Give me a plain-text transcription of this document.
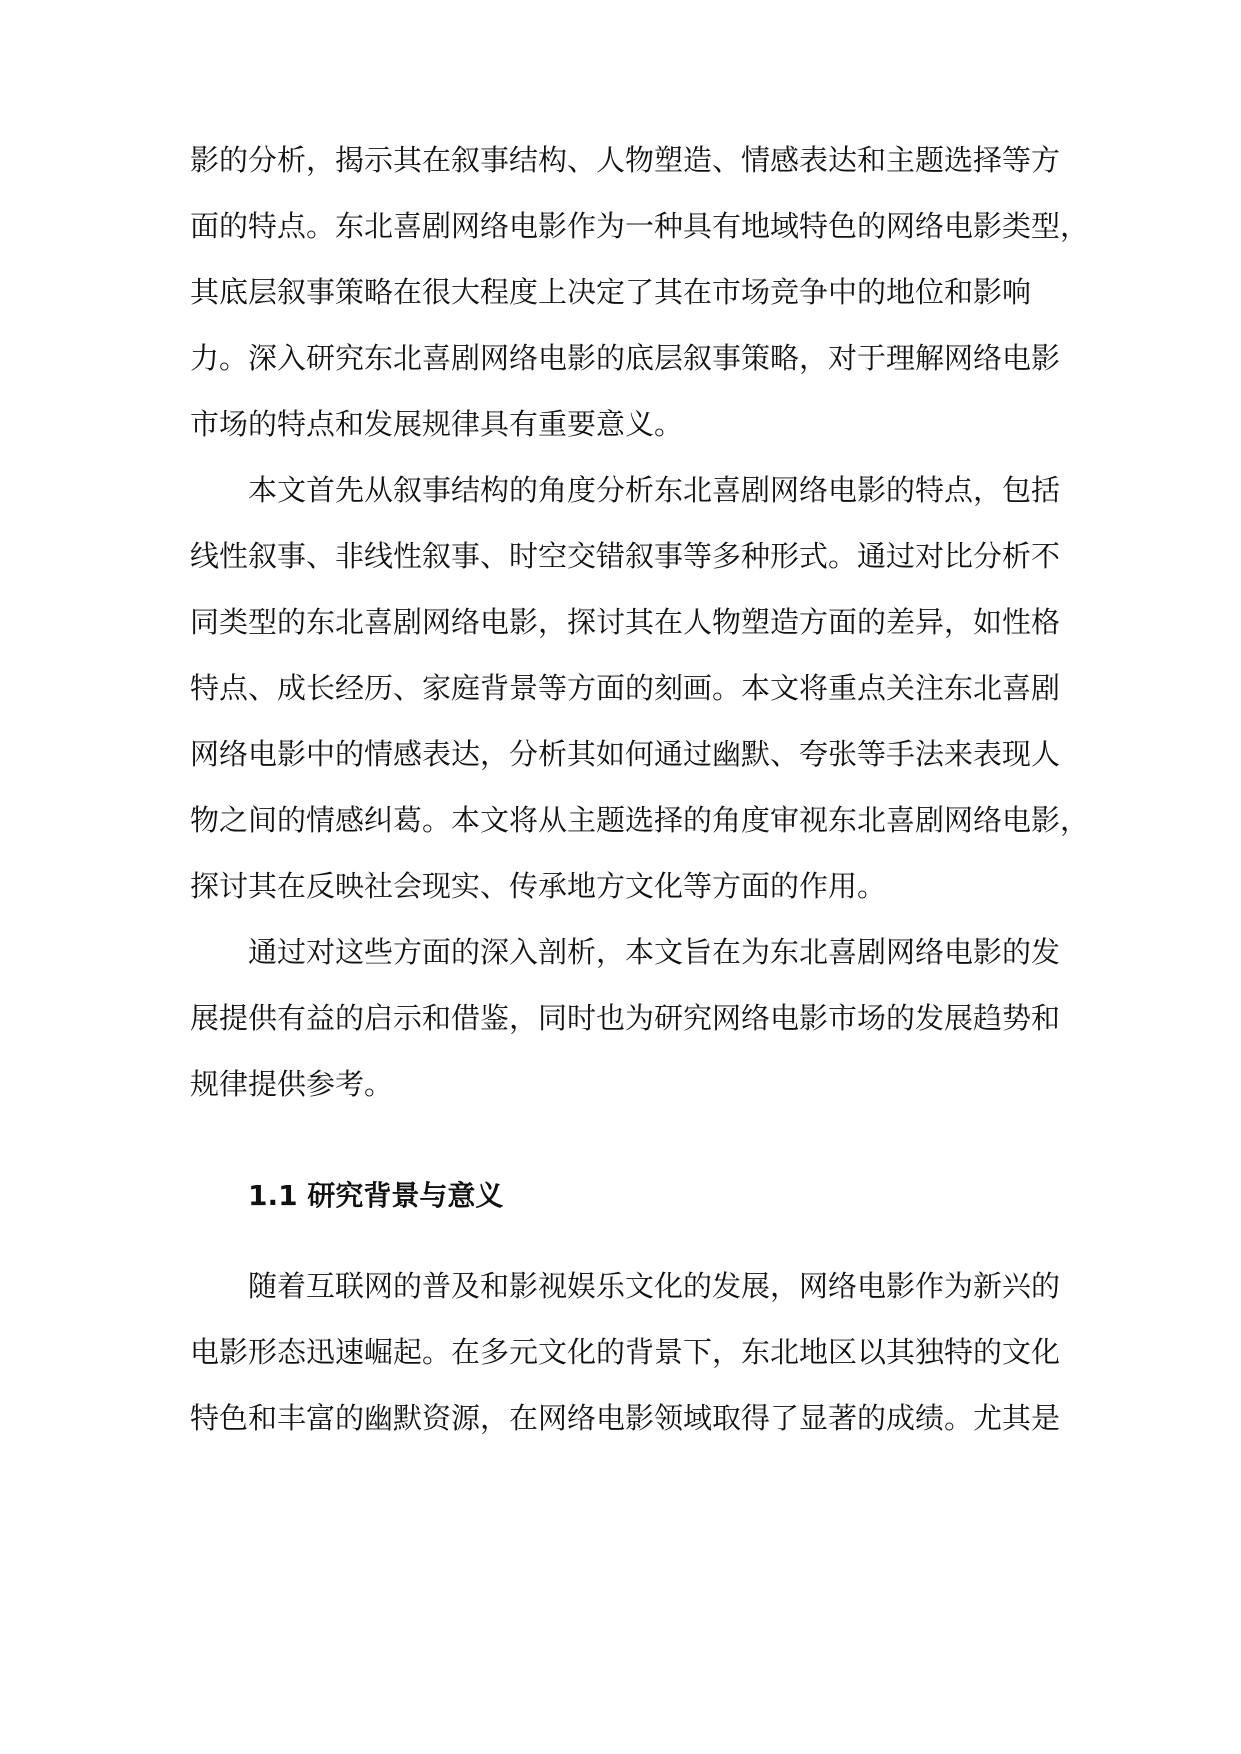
影的分析，揭示其在叙事结构、人物塑造、情感表达和主题选择等方
面的特点。东北喜剧网络电影作为一种具有地域特色的网络电影类型，
其底层叙事策略在很大程度上决定了其在市场竞争中的地位和影响
力。深入研究东北喜剧网络电影的底层叙事策略，对于理解网络电影
市场的特点和发展规律具有重要意义。
本文首先从叙事结构的角度分析东北喜剧网络电影的特点，包括
线性叙事、非线性叙事、时空交错叙事等多种形式。通过对比分析不
同类型的东北喜剧网络电影，探讨其在人物塑造方面的差异，如性格
特点、成长经历、家庭背景等方面的刻画。本文将重点关注东北喜剧
网络电影中的情感表达，分析其如何通过幽默、夸张等手法来表现人
物之间的情感纠葛。本文将从主题选择的角度审视东北喜剧网络电影，
探讨其在反映社会现实、传承地方文化等方面的作用。
通过对这些方面的深入剖析，本文旨在为东北喜剧网络电影的发
展提供有益的启示和借鉴，同时也为研究网络电影市场的发展趋势和
规律提供参考。
1.1 研究背景与意义
随着互联网的普及和影视娱乐文化的发展，网络电影作为新兴的
电影形态迅速崛起。在多元文化的背景下，东北地区以其独特的文化
特色和丰富的幽默资源，在网络电影领域取得了显著的成绩。尤其是
